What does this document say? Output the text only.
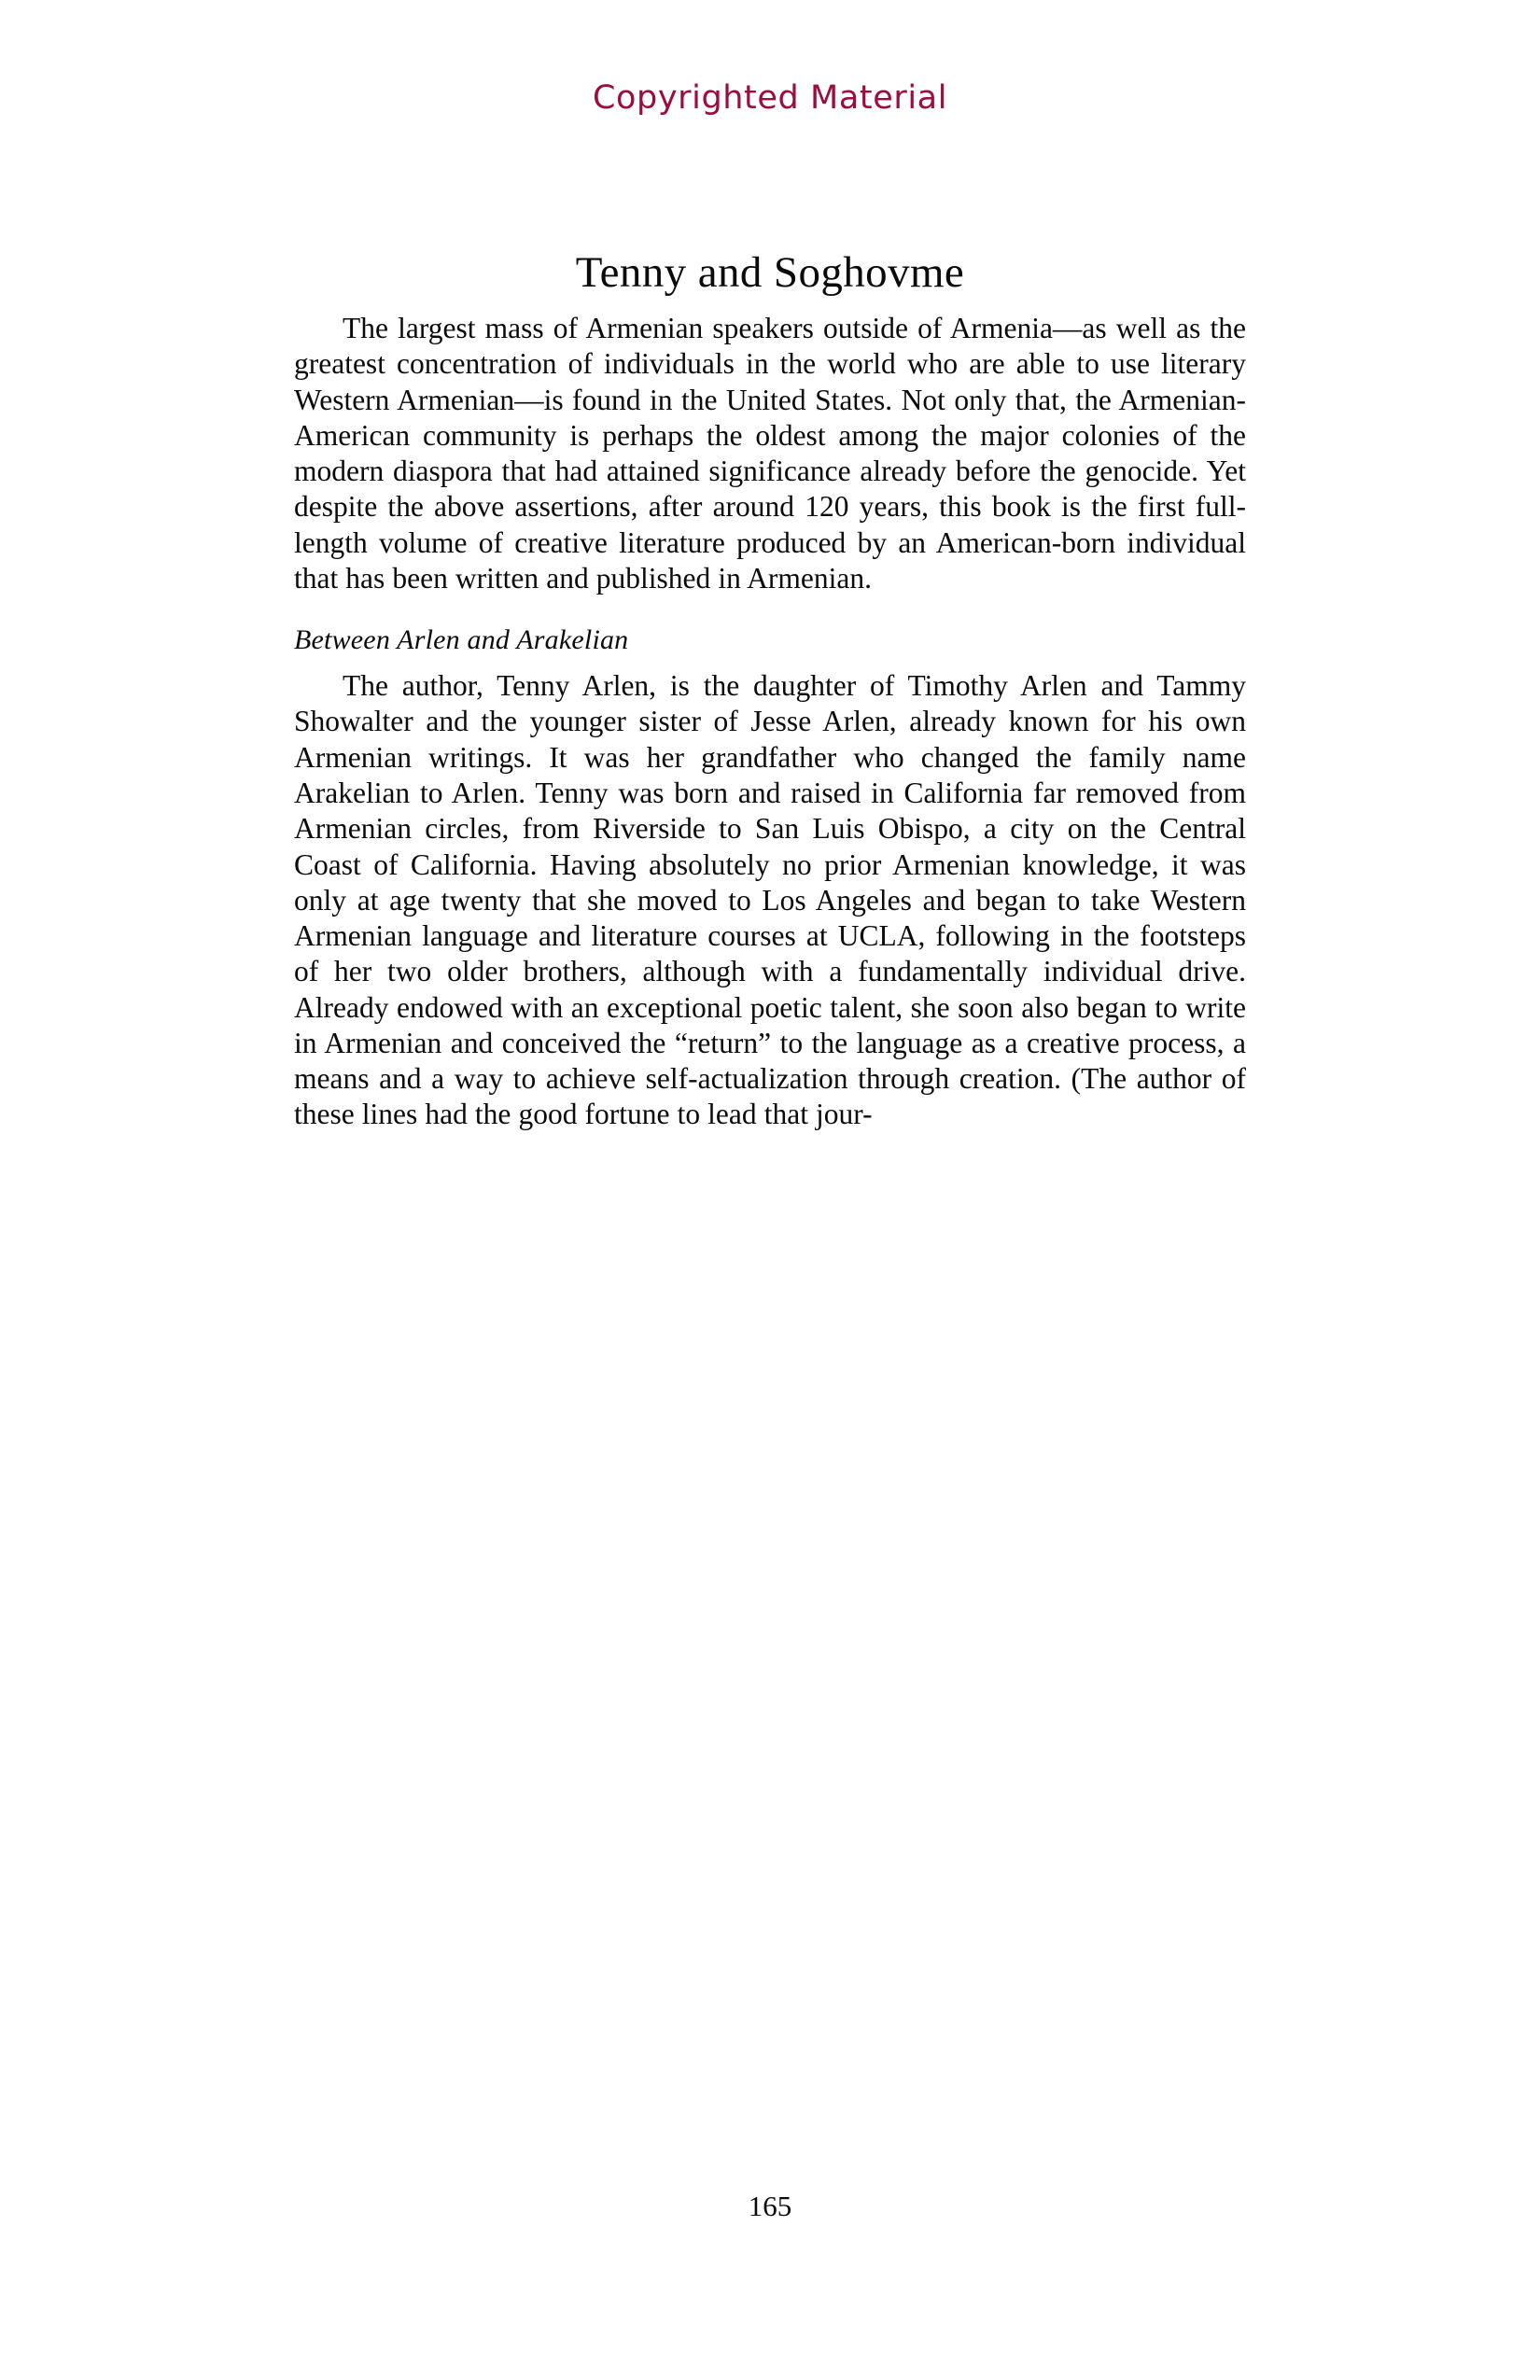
Copyrighted Material
Tenny and Soghovme

The largest mass of Armenian speakers outside of Armenia—as well as the greatest concentration of individuals in the world who are able to use literary Western Armenian—is found in the United States. Not only that, the Armenian-American community is perhaps the oldest among the major colonies of the modern diaspora that had attained significance already before the genocide. Yet despite the above assertions, after around 120 years, this book is the first full-length volume of creative literature produced by an American-born individual that has been written and published in Armenian.

Between Arlen and Arakelian

The author, Tenny Arlen, is the daughter of Timothy Arlen and Tammy Showalter and the younger sister of Jesse Arlen, already known for his own Armenian writings. It was her grandfather who changed the family name Arakelian to Arlen. Tenny was born and raised in California far removed from Armenian circles, from Riverside to San Luis Obispo, a city on the Central Coast of California. Having absolutely no prior Armenian knowledge, it was only at age twenty that she moved to Los Angeles and began to take Western Armenian language and literature courses at UCLA, following in the footsteps of her two older brothers, although with a fundamentally individual drive. Already endowed with an exceptional poetic talent, she soon also began to write in Armenian and conceived the “return” to the language as a creative process, a means and a way to achieve self-actualization through creation. (The author of these lines had the good fortune to lead that jour-

165
